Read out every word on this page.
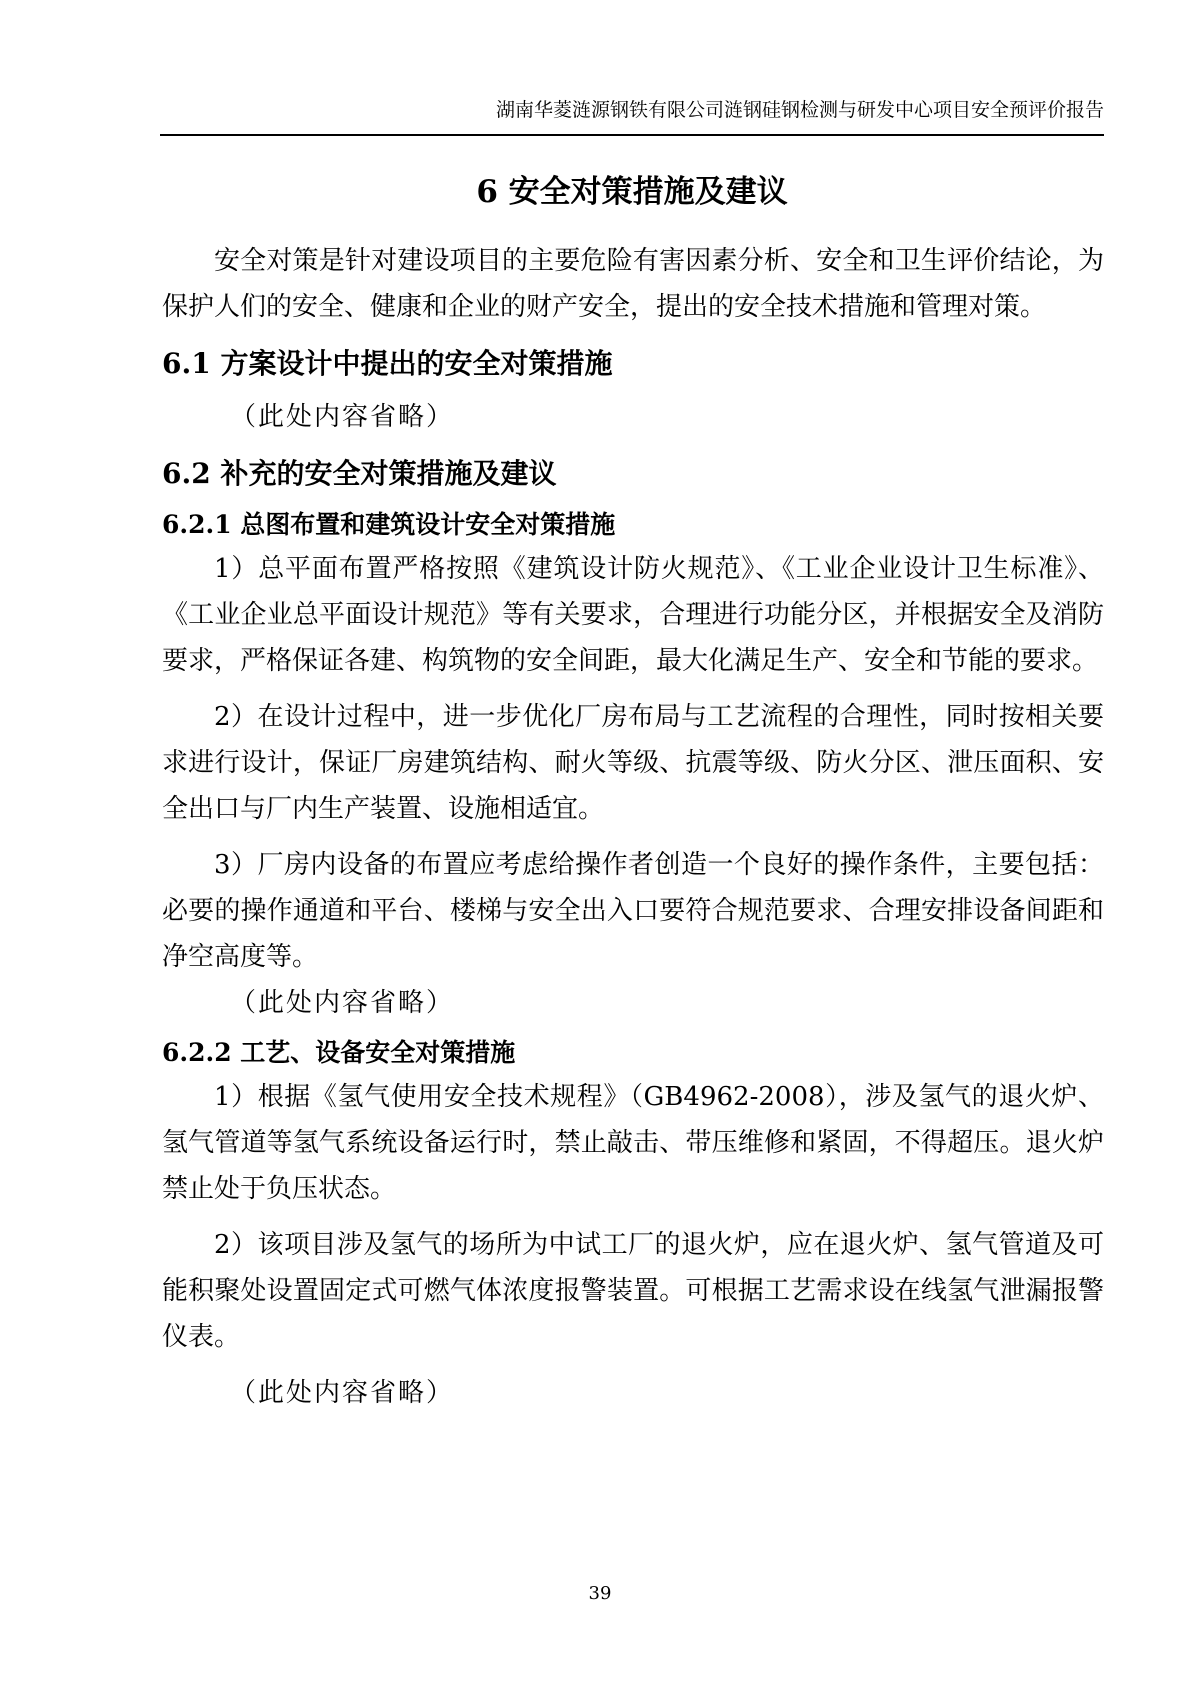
湖南华菱涟源钢铁有限公司涟钢硅钢检测与研发中心项目安全预评价报告
6 安全对策措施及建议

安全对策是针对建设项目的主要危险有害因素分析、安全和卫生评价结论，为保护人们的安全、健康和企业的财产安全，提出的安全技术措施和管理对策。

6.1 方案设计中提出的安全对策措施

（此处内容省略）

6.2 补充的安全对策措施及建议
6.2.1 总图布置和建筑设计安全对策措施

1）总平面布置严格按照《建筑设计防火规范》、《工业企业设计卫生标准》、《工业企业总平面设计规范》等有关要求，合理进行功能分区，并根据安全及消防要求，严格保证各建、构筑物的安全间距，最大化满足生产、安全和节能的要求。

2）在设计过程中，进一步优化厂房布局与工艺流程的合理性，同时按相关要求进行设计，保证厂房建筑结构、耐火等级、抗震等级、防火分区、泄压面积、安全出口与厂内生产装置、设施相适宜。

3）厂房内设备的布置应考虑给操作者创造一个良好的操作条件，主要包括：必要的操作通道和平台、楼梯与安全出入口要符合规范要求、合理安排设备间距和净空高度等。

（此处内容省略）

6.2.2 工艺、设备安全对策措施

1）根据《氢气使用安全技术规程》（GB4962-2008），涉及氢气的退火炉、氢气管道等氢气系统设备运行时，禁止敲击、带压维修和紧固，不得超压。退火炉禁止处于负压状态。

2）该项目涉及氢气的场所为中试工厂的退火炉，应在退火炉、氢气管道及可能积聚处设置固定式可燃气体浓度报警装置。可根据工艺需求设在线氢气泄漏报警仪表。

（此处内容省略）

39
